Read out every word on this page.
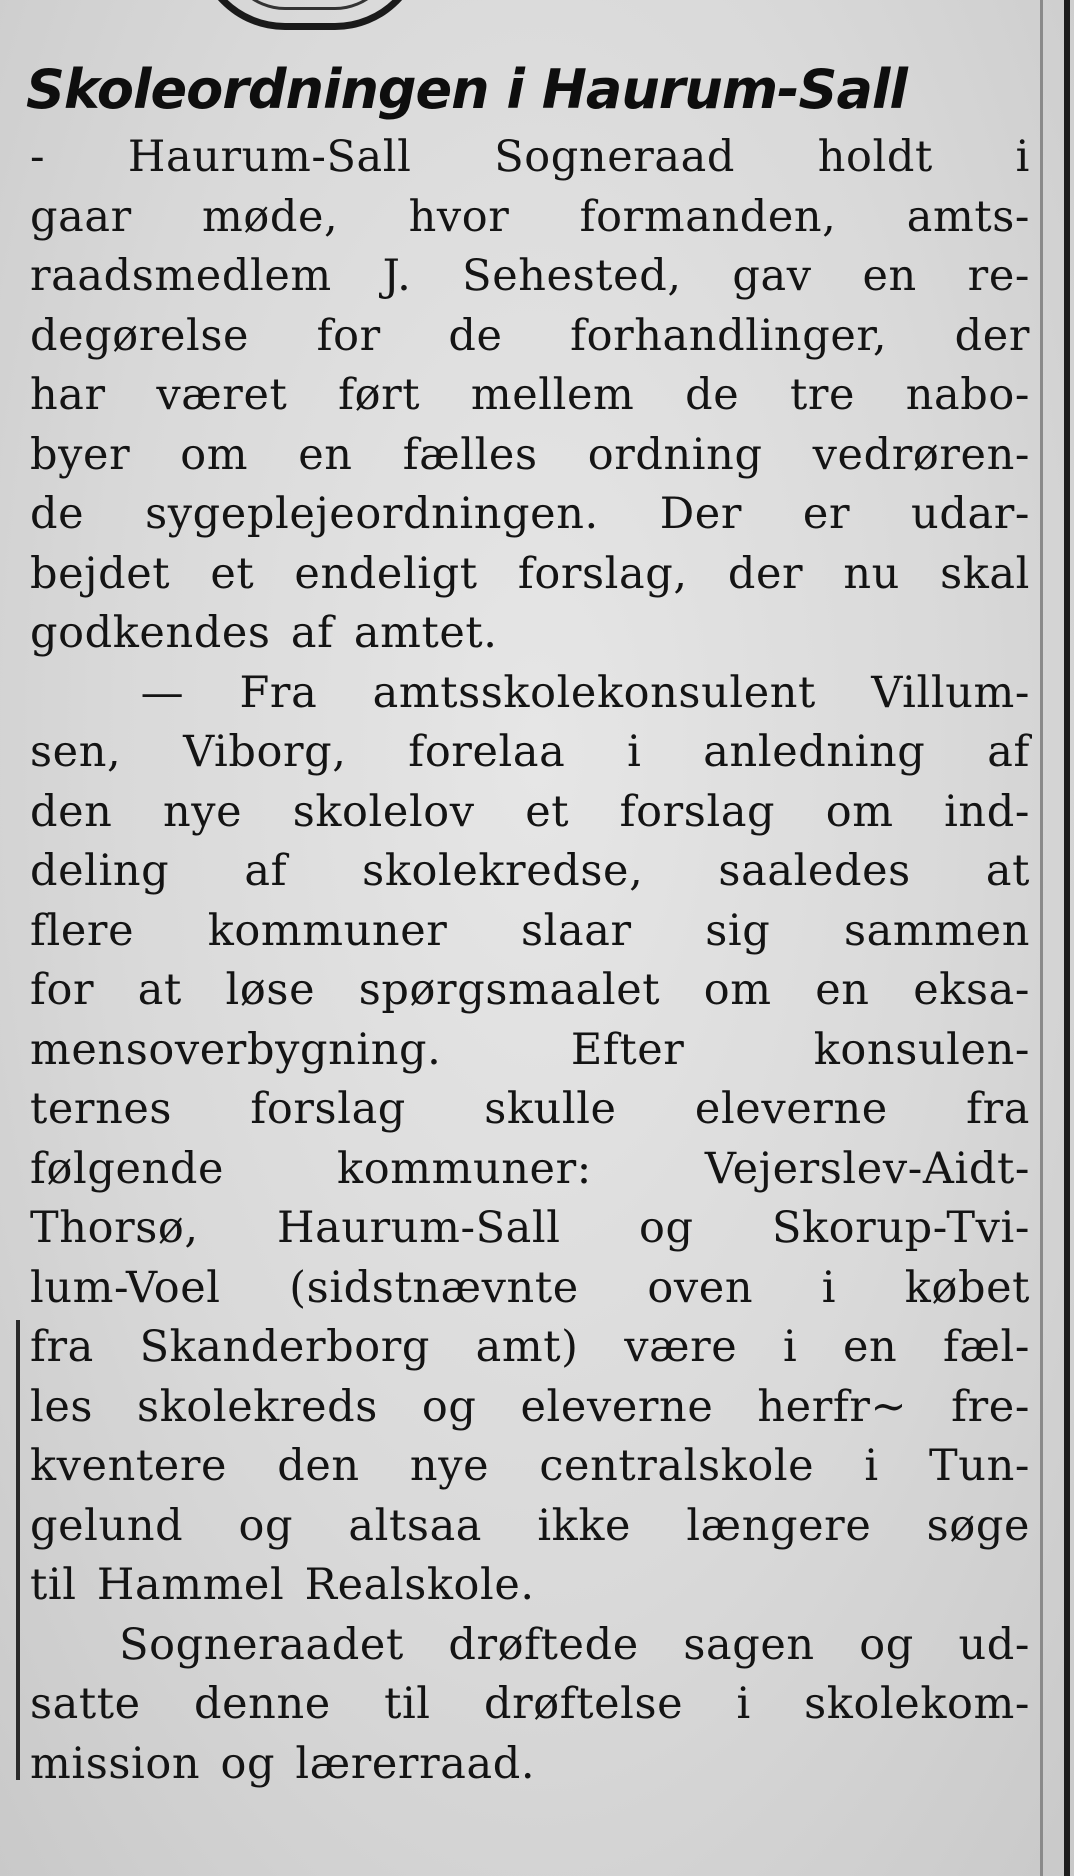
Skoleordningen i Haurum-Sall
- Haurum-Sall Sogneraad holdt i
gaar møde, hvor formanden, amts-
raadsmedlem J. Sehested, gav en re-
degørelse for de forhandlinger, der
har været ført mellem de tre nabo-
byer om en fælles ordning vedrøren-
de sygeplejeordningen. Der er udar-
bejdet et endeligt forslag, der nu skal
godkendes af amtet.
— Fra amtsskolekonsulent Villum-
sen, Viborg, forelaa i anledning af
den nye skolelov et forslag om ind-
deling af skolekredse, saaledes at
flere kommuner slaar sig sammen
for at løse spørgsmaalet om en eksa-
mensoverbygning. Efter konsulen-
ternes forslag skulle eleverne fra
følgende kommuner: Vejerslev-Aidt-
Thorsø, Haurum-Sall og Skorup-Tvi-
lum-Voel (sidstnævnte oven i købet
fra Skanderborg amt) være i en fæl-
les skolekreds og eleverne herfr~ fre-
kventere den nye centralskole i Tun-
gelund og altsaa ikke længere søge
til Hammel Realskole.
Sogneraadet drøftede sagen og ud-
satte denne til drøftelse i skolekom-
mission og lærerraad.
